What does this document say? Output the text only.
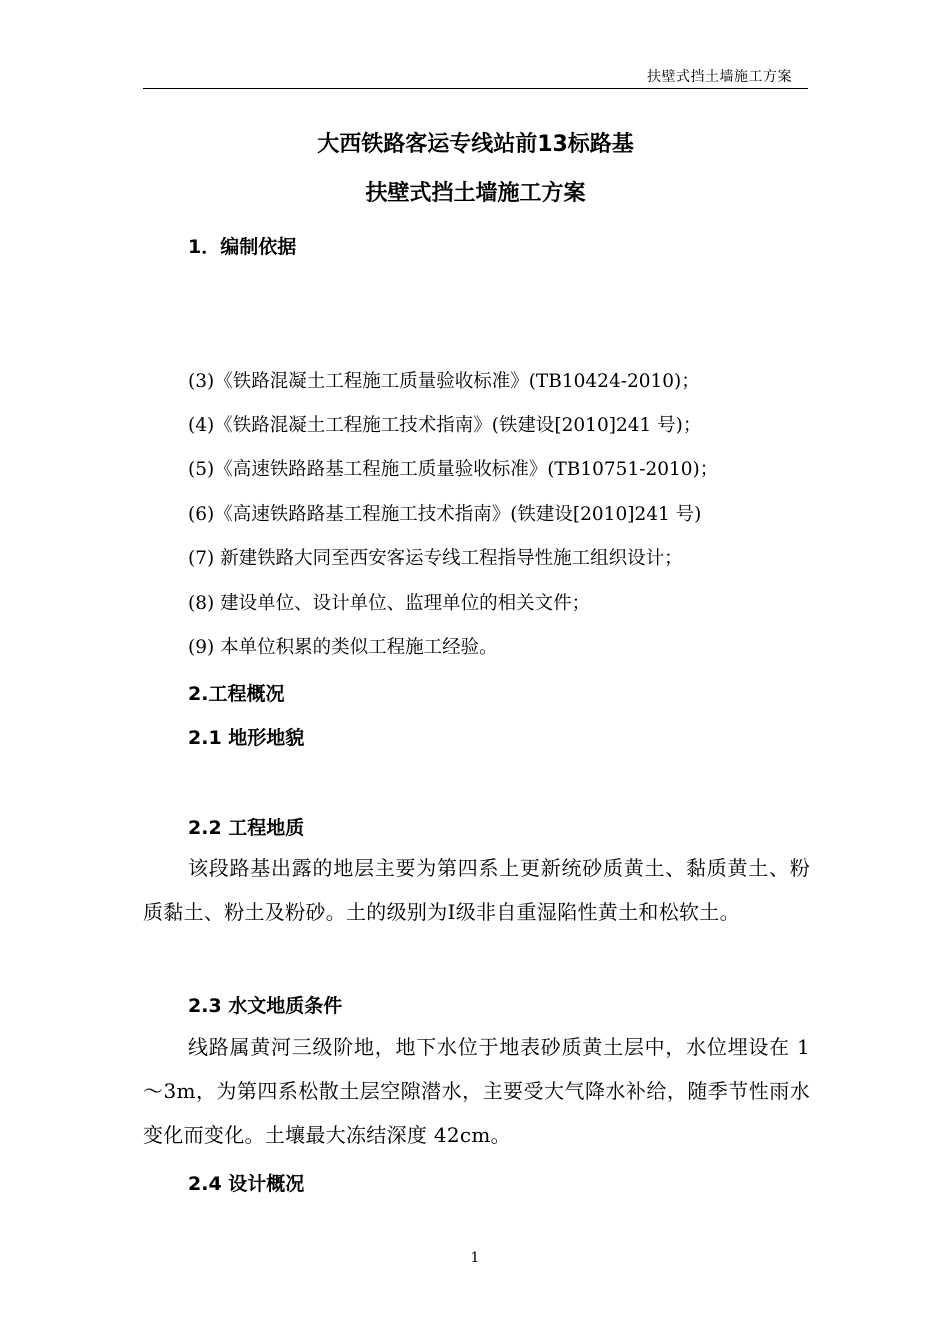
扶壁式挡土墙施工方案
大西铁路客运专线站前13标路基
扶壁式挡土墙施工方案
1．编制依据
(3)《铁路混凝土工程施工质量验收标准》(TB10424-2010)；
(4)《铁路混凝土工程施工技术指南》(铁建设[2010]241 号)；
(5)《高速铁路路基工程施工质量验收标准》(TB10751-2010)；
(6)《高速铁路路基工程施工技术指南》(铁建设[2010]241 号)
(7) 新建铁路大同至西安客运专线工程指导性施工组织设计；
(8) 建设单位、设计单位、监理单位的相关文件；
(9) 本单位积累的类似工程施工经验。
2.工程概况
2.1 地形地貌
2.2 工程地质
该段路基出露的地层主要为第四系上更新统砂质黄土、黏质黄土、粉质黏土、粉土及粉砂。土的级别为Ⅰ级非自重湿陷性黄土和松软土。
2.3 水文地质条件
线路属黄河三级阶地，地下水位于地表砂质黄土层中，水位埋设在 1～3m，为第四系松散土层空隙潜水，主要受大气降水补给，随季节性雨水变化而变化。土壤最大冻结深度 42cm。
2.4 设计概况
1
